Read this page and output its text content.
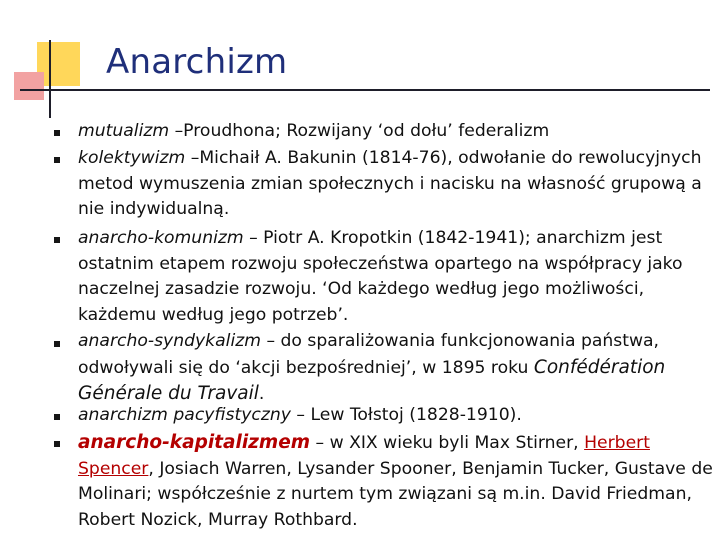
Anarchizm
mutualizm –Proudhona; Rozwijany ‘od dołu’ federalizm
kolektywizm –Michaił A. Bakunin (1814-76), odwołanie do rewolucyjnych metod wymuszenia zmian społecznych i nacisku na własność grupową a nie indywidualną.
anarcho-komunizm – Piotr A. Kropotkin (1842-1941); anarchizm jest ostatnim etapem rozwoju społeczeństwa opartego na współpracy jako naczelnej zasadzie rozwoju. ‘Od każdego według jego możliwości, każdemu według jego potrzeb’.
anarcho-syndykalizm – do sparaliżowania funkcjonowania państwa, odwoływali się do ‘akcji bezpośredniej’, w 1895 roku Confédération Générale du Travail.
anarchizm pacyfistyczny – Lew Tołstoj (1828-1910).
anarcho-kapitalizmem – w XIX wieku byli Max Stirner, Herbert Spencer, Josiach Warren, Lysander Spooner, Benjamin Tucker, Gustave de Molinari; współcześnie z nurtem tym związani są m.in. David Friedman, Robert Nozick, Murray Rothbard.
